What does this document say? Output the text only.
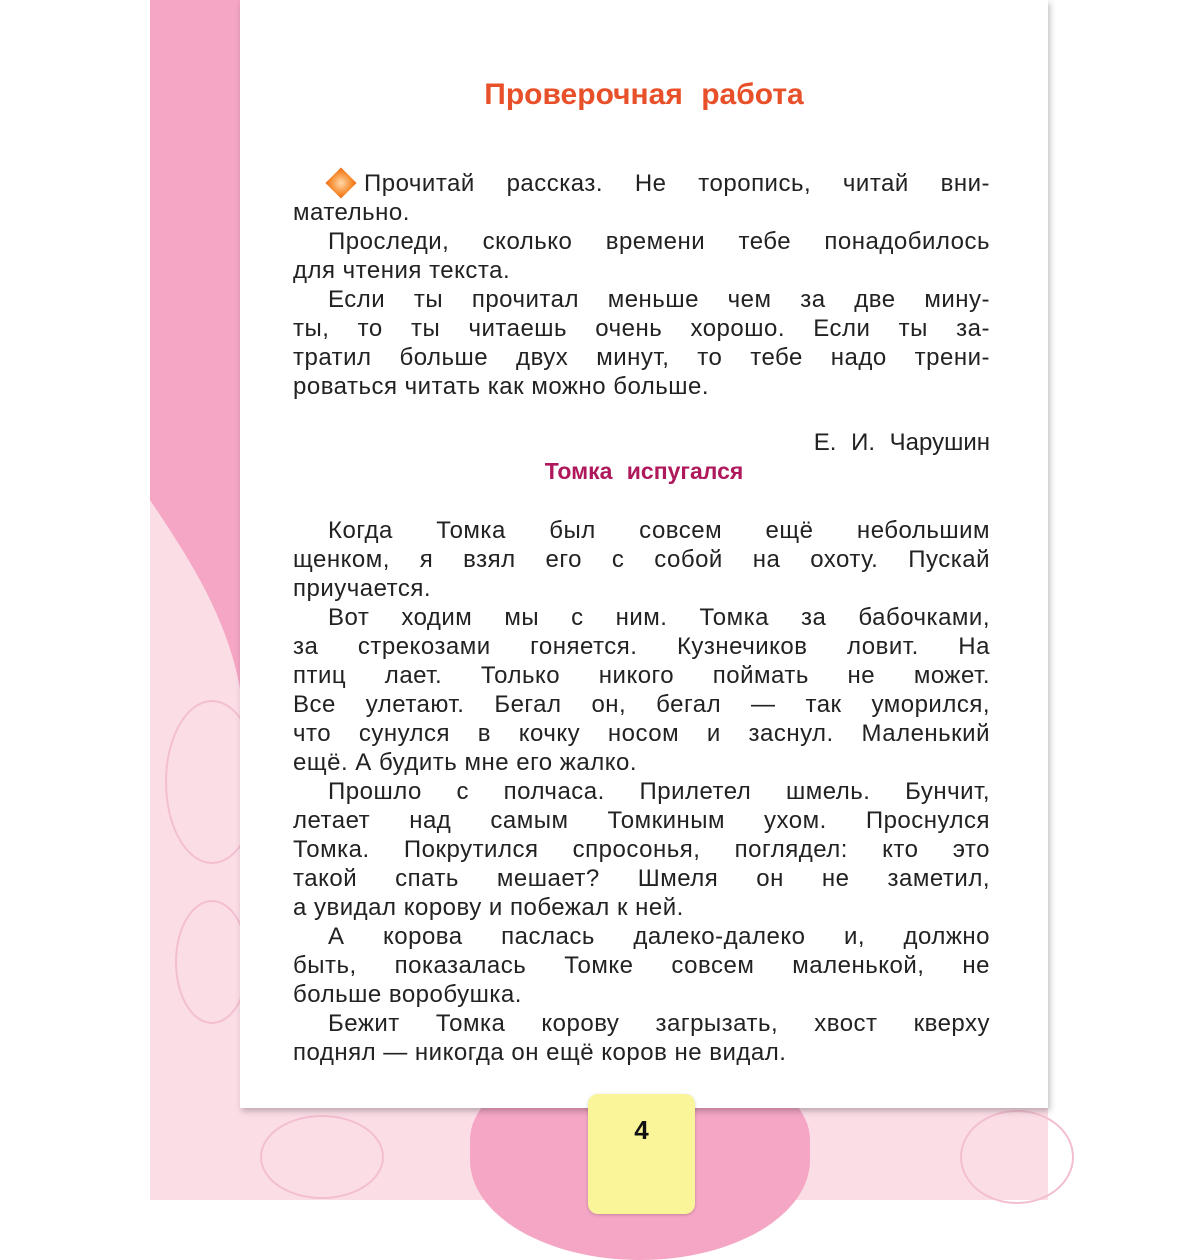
Проверочная работа
Прочитай рассказ. Не торопись, читай вни-
мательно.
Проследи, сколько времени тебе понадобилось
для чтения текста.
Если ты прочитал меньше чем за две мину-
ты, то ты читаешь очень хорошо. Если ты за-
тратил больше двух минут, то тебе надо трени-
роваться читать как можно больше.
Е. И. Чарушин
Томка испугался
Когда Томка был совсем ещё небольшим
щенком, я взял его с собой на охоту. Пускай
приучается.
Вот ходим мы с ним. Томка за бабочками,
за стрекозами гоняется. Кузнечиков ловит. На
птиц лает. Только никого поймать не может.
Все улетают. Бегал он, бегал — так уморился,
что сунулся в кочку носом и заснул. Маленький
ещё. А будить мне его жалко.
Прошло с полчаса. Прилетел шмель. Бунчит,
летает над самым Томкиным ухом. Проснулся
Томка. Покрутился спросонья, поглядел: кто это
такой спать мешает? Шмеля он не заметил,
а увидал корову и побежал к ней.
А корова паслась далеко-далеко и, должно
быть, показалась Томке совсем маленькой, не
больше воробушка.
Бежит Томка корову загрызать, хвост кверху
поднял — никогда он ещё коров не видал.
4
